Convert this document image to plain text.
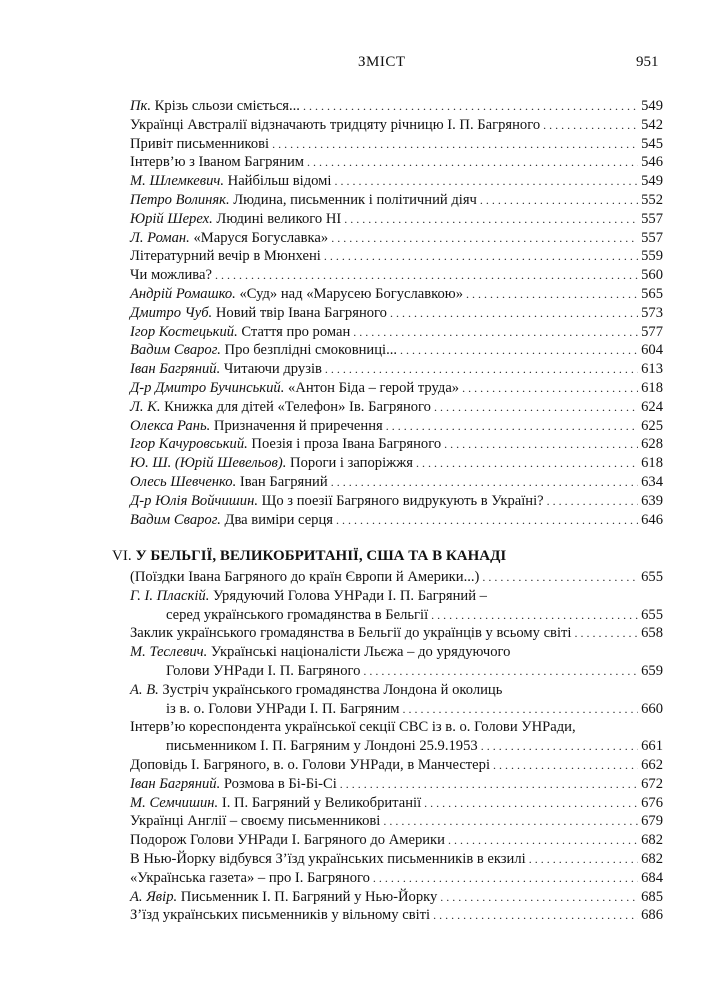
ЗМІСТ	951
Пк. Крізь сльози сміється... . . .	549
Українці Австралії відзначають тридцяту річницю І. П. Багряного . . .	542
Привіт письменникові . . .	545
Інтерв’ю з Іваном Багряним . . .	546
М. Шлемкевич. Найбільш відомі . . .	549
Петро Волиняк. Людина, письменник і політичний діяч . . .	552
Юрій Шерех. Людині великого НІ . . .	557
Л. Роман. «Маруся Богуславка» . . .	557
Літературний вечір в Мюнхені . . .	559
Чи можлива? . . .	560
Андрій Ромашко. «Суд» над «Марусею Богуславкою» . . .	565
Дмитро Чуб. Новий твір Івана Багряного . . .	573
Ігор Костецький. Стаття про роман . . .	577
Вадим Сварог. Про безплідні смоковниці... . . .	604
Іван Багряний. Читаючи друзів . . .	613
Д-р Дмитро Бучинський. «Антон Біда – герой труда» . . .	618
Л. К. Книжка для дітей «Телефон» Ів. Багряного . . .	624
Олекса Рань. Призначення й приречення . . .	625
Ігор Качуровський. Поезія і проза Івана Багряного . . .	628
Ю. Ш. (Юрій Шевельов). Пороги і запоріжжя . . .	618
Олесь Шевченко. Іван Багряний . . .	634
Д-р Юлія Войчишин. Що з поезії Багряного видрукують в Україні? . . .	639
Вадим Сварог. Два виміри серця . . .	646
VI. У БЕЛЬГІЇ, ВЕЛИКОБРИТАНІЇ, США ТА В КАНАДІ
(Поїздки Івана Багряного до країн Європи й Америки...) . . .	655
Г. І. Пласкій. Урядуючий Голова УНРади І. П. Багряний –
серед українського громадянства в Бельгії . . .	655
Заклик українського громадянства в Бельгії до українців у всьому світі . . .	658
М. Теслевич. Українські націоналісти Льєжа – до урядуючого
Голови УНРади І. П. Багряного . . .	659
А. В. Зустріч українського громадянства Лондона й околиць
із в. о. Голови УНРади І. П. Багряним . . .	660
Інтерв’ю кореспондента української секції СВС із в. о. Голови УНРади,
письменником І. П. Багряним у Лондоні 25.9.1953 . . .	661
Доповідь І. Багряного, в. о. Голови УНРади, в Манчестері . . .	662
Іван Багряний. Розмова в Бі-Бі-Сі . . .	672
М. Семчишин. І. П. Багряний у Великобританії . . .	676
Українці Англії – своєму письменникові . . .	679
Подорож Голови УНРади І. Багряного до Америки . . .	682
В Нью-Йорку відбувся З’їзд українських письменників в екзилі . . .	682
«Українська газета» – про І. Багряного . . .	684
А. Явір. Письменник І. П. Багряний у Нью-Йорку . . .	685
З’їзд українських письменників у вільному світі . . .	686
